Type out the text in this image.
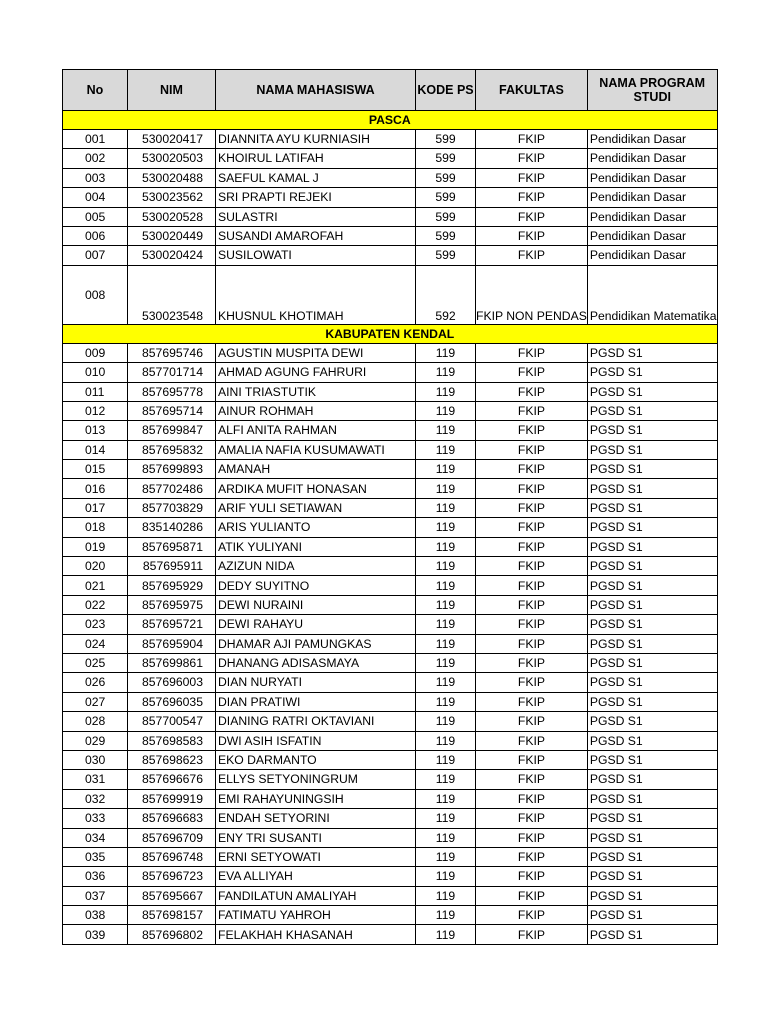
No	NIM	NAMA MAHASISWA	KODE PS	FAKULTAS	NAMA PROGRAM STUDI
PASCA					
001	530020417	DIANNITA AYU KURNIASIH	599	FKIP	Pendidikan Dasar
002	530020503	KHOIRUL LATIFAH	599	FKIP	Pendidikan Dasar
003	530020488	SAEFUL KAMAL J	599	FKIP	Pendidikan Dasar
004	530023562	SRI PRAPTI REJEKI	599	FKIP	Pendidikan Dasar
005	530020528	SULASTRI	599	FKIP	Pendidikan Dasar
006	530020449	SUSANDI AMAROFAH	599	FKIP	Pendidikan Dasar
007	530020424	SUSILOWATI	599	FKIP	Pendidikan Dasar
008	530023548	KHUSNUL KHOTIMAH	592	FKIP NON PENDAS	Pendidikan Matematika
KABUPATEN KENDAL					
009	857695746	AGUSTIN MUSPITA DEWI	119	FKIP	PGSD S1
010	857701714	AHMAD AGUNG FAHRURI	119	FKIP	PGSD S1
011	857695778	AINI TRIASTUTIK	119	FKIP	PGSD S1
012	857695714	AINUR ROHMAH	119	FKIP	PGSD S1
013	857699847	ALFI ANITA RAHMAN	119	FKIP	PGSD S1
014	857695832	AMALIA NAFIA KUSUMAWATI	119	FKIP	PGSD S1
015	857699893	AMANAH	119	FKIP	PGSD S1
016	857702486	ARDIKA MUFIT HONASAN	119	FKIP	PGSD S1
017	857703829	ARIF YULI SETIAWAN	119	FKIP	PGSD S1
018	835140286	ARIS YULIANTO	119	FKIP	PGSD S1
019	857695871	ATIK YULIYANI	119	FKIP	PGSD S1
020	857695911	AZIZUN NIDA	119	FKIP	PGSD S1
021	857695929	DEDY SUYITNO	119	FKIP	PGSD S1
022	857695975	DEWI NURAINI	119	FKIP	PGSD S1
023	857695721	DEWI RAHAYU	119	FKIP	PGSD S1
024	857695904	DHAMAR AJI PAMUNGKAS	119	FKIP	PGSD S1
025	857699861	DHANANG ADISASMAYA	119	FKIP	PGSD S1
026	857696003	DIAN NURYATI	119	FKIP	PGSD S1
027	857696035	DIAN PRATIWI	119	FKIP	PGSD S1
028	857700547	DIANING RATRI OKTAVIANI	119	FKIP	PGSD S1
029	857698583	DWI ASIH ISFATIN	119	FKIP	PGSD S1
030	857698623	EKO DARMANTO	119	FKIP	PGSD S1
031	857696676	ELLYS SETYONINGRUM	119	FKIP	PGSD S1
032	857699919	EMI RAHAYUNINGSIH	119	FKIP	PGSD S1
033	857696683	ENDAH SETYORINI	119	FKIP	PGSD S1
034	857696709	ENY TRI SUSANTI	119	FKIP	PGSD S1
035	857696748	ERNI SETYOWATI	119	FKIP	PGSD S1
036	857696723	EVA ALLIYAH	119	FKIP	PGSD S1
037	857695667	FANDILATUN AMALIYAH	119	FKIP	PGSD S1
038	857698157	FATIMATU YAHROH	119	FKIP	PGSD S1
039	857696802	FELAKHAH KHASANAH	119	FKIP	PGSD S1
